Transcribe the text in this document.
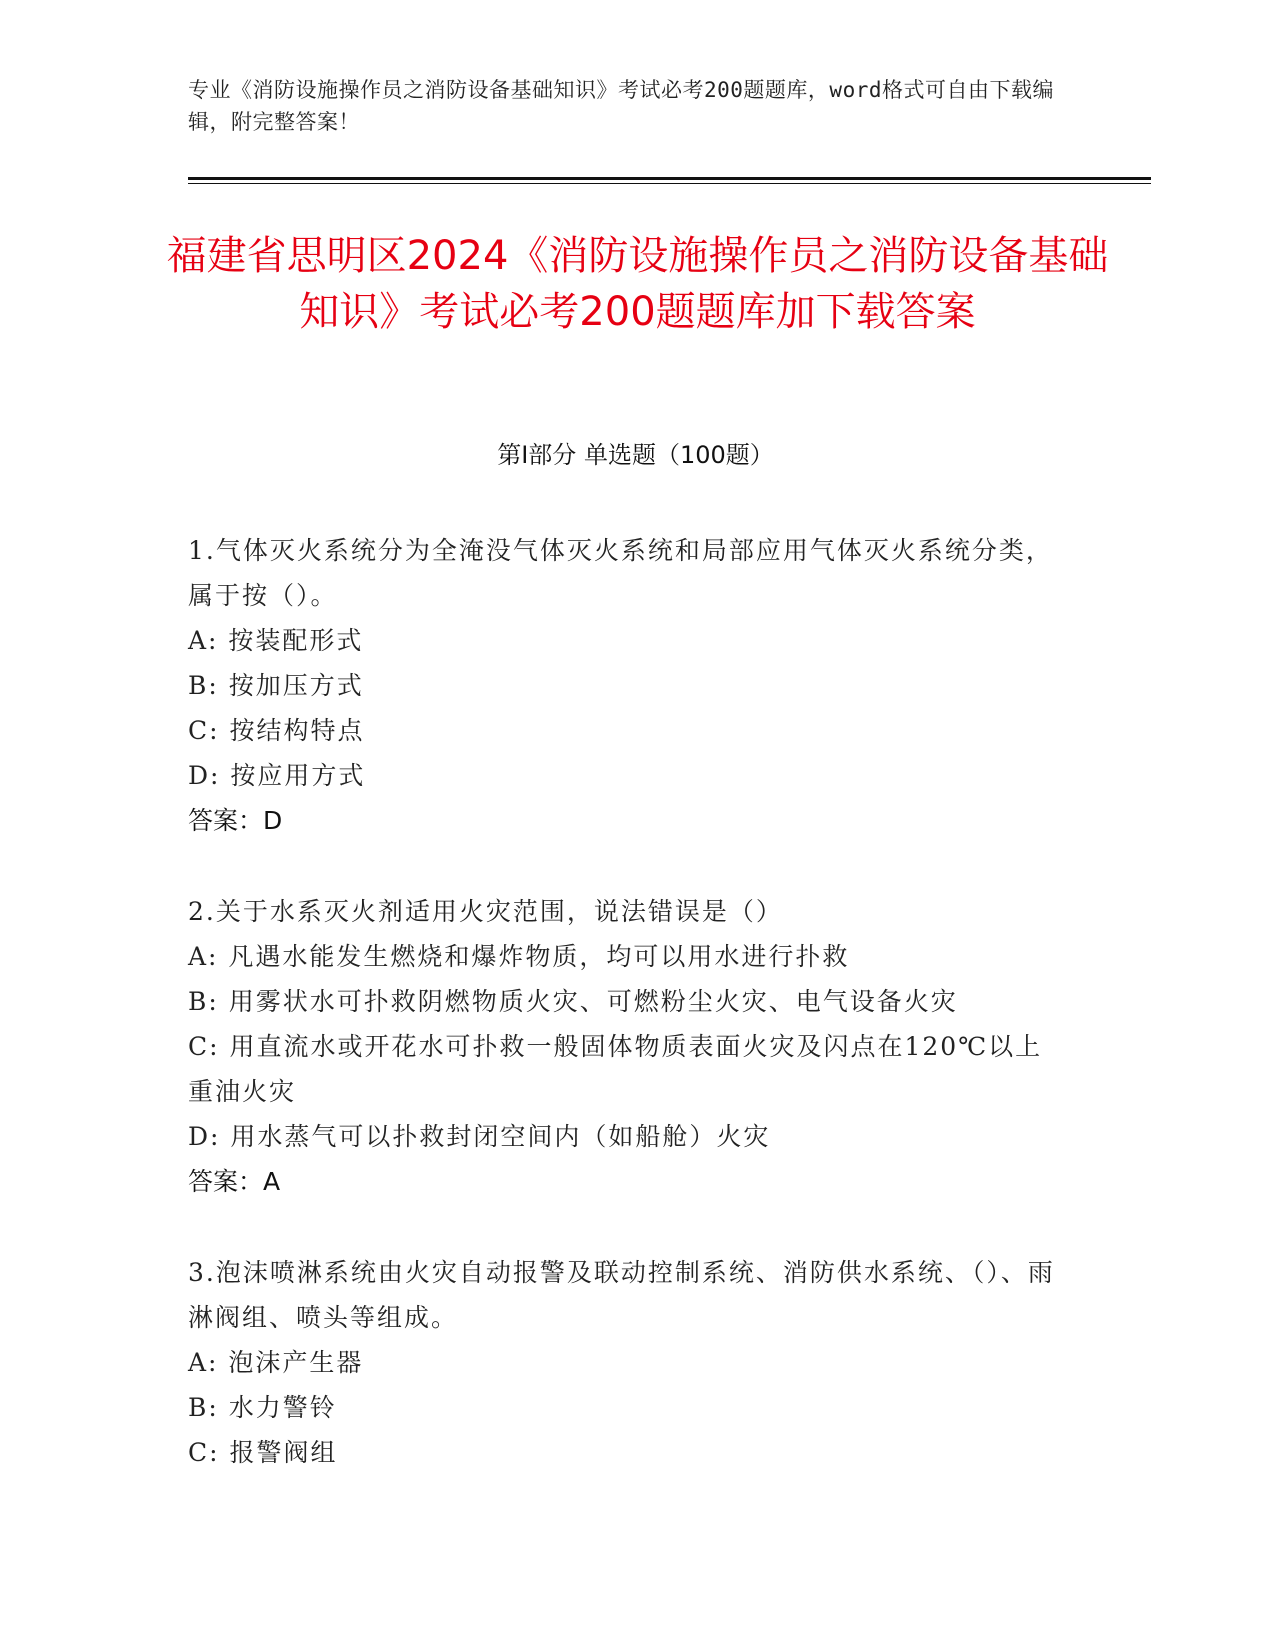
专业《消防设施操作员之消防设备基础知识》考试必考200题题库，word格式可自由下载编辑，附完整答案！
福建省思明区2024《消防设施操作员之消防设备基础知识》考试必考200题题库加下载答案
第I部分 单选题（100题）
1.气体灭火系统分为全淹没气体灭火系统和局部应用气体灭火系统分类，属于按（）。
A: 按装配形式
B: 按加压方式
C: 按结构特点
D: 按应用方式
答案：D
2.关于水系灭火剂适用火灾范围，说法错误是（）
A: 凡遇水能发生燃烧和爆炸物质，均可以用水进行扑救
B: 用雾状水可扑救阴燃物质火灾、可燃粉尘火灾、电气设备火灾
C: 用直流水或开花水可扑救一般固体物质表面火灾及闪点在120℃以上重油火灾
D: 用水蒸气可以扑救封闭空间内（如船舱）火灾
答案：A
3.泡沫喷淋系统由火灾自动报警及联动控制系统、消防供水系统、（）、雨淋阀组、喷头等组成。
A: 泡沫产生器
B: 水力警铃
C: 报警阀组
